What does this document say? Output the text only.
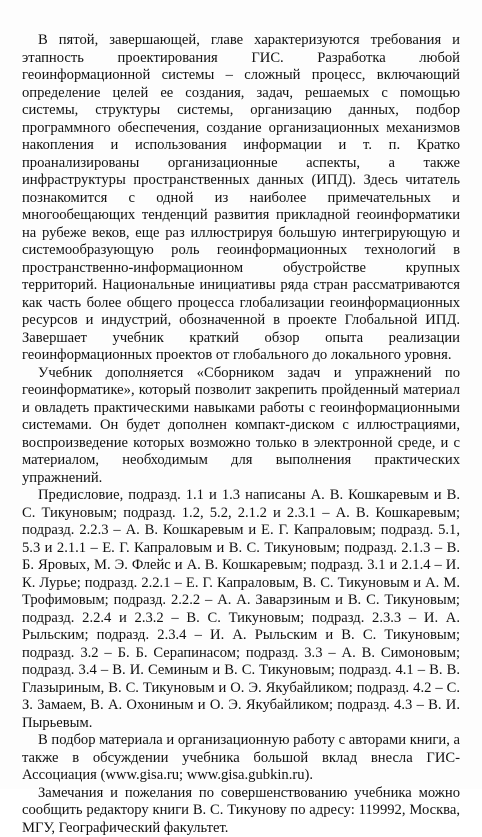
В пятой, завершающей, главе характеризуются требования и этапность проектирования ГИС. Разработка любой геоинформационной системы – сложный процесс, включающий определение целей ее создания, задач, решаемых с помощью системы, структуры системы, организацию данных, подбор программного обеспечения, создание организационных механизмов накопления и использования информации и т. п. Кратко проанализированы организационные аспекты, а также инфраструктуры пространственных данных (ИПД). Здесь читатель познакомится с одной из наиболее примечательных и многообещающих тенденций развития прикладной геоинформатики на рубеже веков, еще раз иллюстрируя большую интегрирующую и системообразующую роль геоинформационных технологий в пространственно-информационном обустройстве крупных территорий. Национальные инициативы ряда стран рассматриваются как часть более общего процесса глобализации геоинформационных ресурсов и индустрий, обозначенной в проекте Глобальной ИПД. Завершает учебник краткий обзор опыта реализации геоинформационных проектов от глобального до локального уровня.

Учебник дополняется «Сборником задач и упражнений по геоинформатике», который позволит закрепить пройденный материал и овладеть практическими навыками работы с геоинформационными системами. Он будет дополнен компакт-диском с иллюстрациями, воспроизведение которых возможно только в электронной среде, и с материалом, необходимым для выполнения практических упражнений.

Предисловие, подразд. 1.1 и 1.3 написаны А. В. Кошкаревым и В. С. Тикуновым; подразд. 1.2, 5.2, 2.1.2 и 2.3.1 – А. В. Кошкаревым; подразд. 2.2.3 – А. В. Кошкаревым и Е. Г. Капраловым; подразд. 5.1, 5.3 и 2.1.1 – Е. Г. Капраловым и В. С. Тикуновым; подразд. 2.1.3 – В. Б. Яровых, М. Э. Флейс и А. В. Кошкаревым; подразд. 3.1 и 2.1.4 – И. К. Лурье; подразд. 2.2.1 – Е. Г. Капраловым, В. С. Тикуновым и А. М. Трофимовым; подразд. 2.2.2 – А. А. Заварзиным и В. С. Тикуновым; подразд. 2.2.4 и 2.3.2 – В. С. Тикуновым; подразд. 2.3.3 – И. А. Рыльским; подразд. 2.3.4 – И. А. Рыльским и В. С. Тикуновым; подразд. 3.2 – Б. Б. Серапинасом; подразд. 3.3 – А. В. Симоновым; подразд. 3.4 – В. И. Семиным и В. С. Тикуновым; подразд. 4.1 – В. В. Глазыриным, В. С. Тикуновым и О. Э. Якубайликом; подразд. 4.2 – С. З. Замаем, В. А. Охониным и О. Э. Якубайликом; подразд. 4.3 – В. И. Пырьевым.

В подбор материала и организационную работу с авторами книги, а также в обсуждении учебника большой вклад внесла ГИС-Ассоциация (www.gisa.ru; www.gisa.gubkin.ru).

Замечания и пожелания по совершенствованию учебника можно сообщить редактору книги В. С. Тикунову по адресу: 119992, Москва, МГУ, Географический факультет.
